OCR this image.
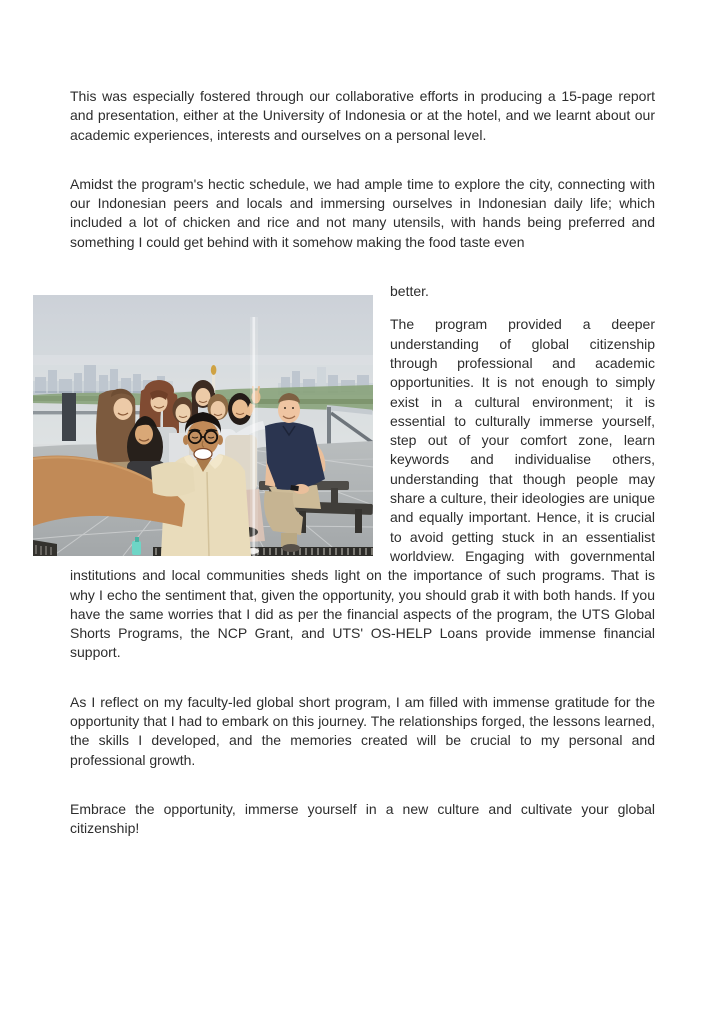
This was especially fostered through our collaborative efforts in producing a 15-page report and presentation, either at the University of Indonesia or at the hotel, and we learnt about our academic experiences, interests and ourselves on a personal level.

Amidst the program's hectic schedule, we had ample time to explore the city, connecting with our Indonesian peers and locals and immersing ourselves in Indonesian daily life; which included a lot of chicken and rice and not many utensils, with hands being preferred and something I could get behind with it somehow making the food taste even

better.

The program provided a deeper understanding of global citizenship through professional and academic opportunities. It is not enough to simply exist in a cultural environment; it is essential to culturally immerse yourself, step out of your comfort zone, learn keywords and individualise others, understanding that though people may share a culture, their ideologies are unique and equally important. Hence, it is crucial to avoid getting stuck in an essentialist worldview. Engaging with governmental institutions and local communities sheds light on the importance of such programs. That is why I echo the sentiment that, given the opportunity, you should grab it with both hands. If you have the same worries that I did as per the financial aspects of the program, the UTS Global Shorts Programs, the NCP Grant, and UTS' OS-HELP Loans provide immense financial support.

As I reflect on my faculty-led global short program, I am filled with immense gratitude for the opportunity that I had to embark on this journey. The relationships forged, the lessons learned, the skills I developed, and the memories created will be crucial to my personal and professional growth.

Embrace the opportunity, immerse yourself in a new culture and cultivate your global citizenship!
